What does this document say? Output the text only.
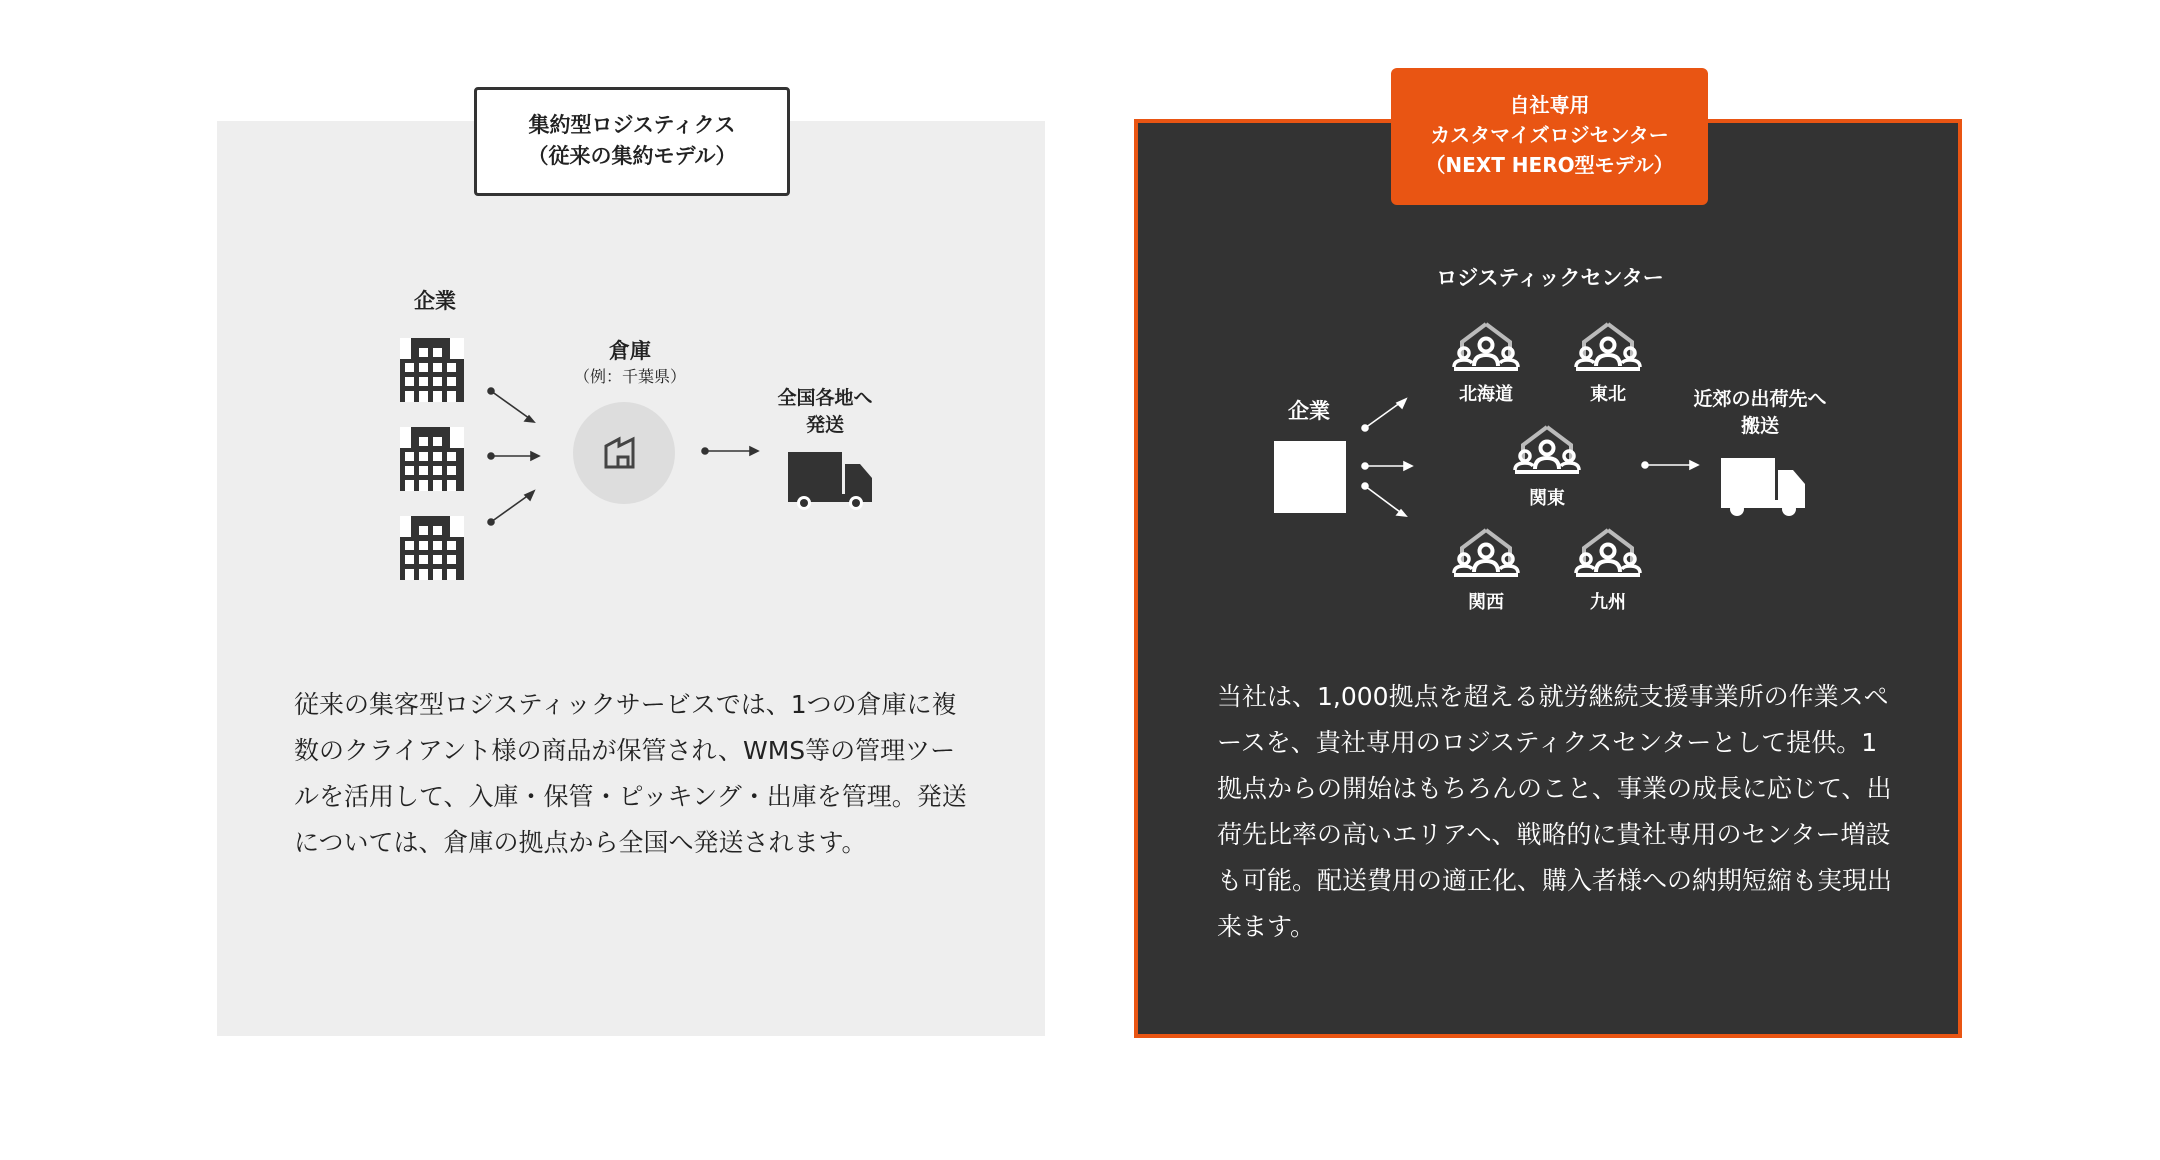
集約型ロジスティクス
（従来の集約モデル）
企業
倉庫
（例：千葉県）
全国各地へ
発送
従来の集客型ロジスティックサービスでは、1つの倉庫に複数のクライアント様の商品が保管され、WMS等の管理ツールを活用して、入庫・保管・ピッキング・出庫を管理。発送については、倉庫の拠点から全国へ発送されます。
自社専用
カスタマイズロジセンター
（NEXT HERO型モデル）
ロジスティックセンター
企業
北海道	東北
関東
関西	九州
近郊の出荷先へ
搬送
当社は、1,000拠点を超える就労継続支援事業所の作業スペースを、貴社専用のロジスティクスセンターとして提供。1拠点からの開始はもちろんのこと、事業の成長に応じて、出荷先比率の高いエリアへ、戦略的に貴社専用のセンター増設も可能。配送費用の適正化、購入者様への納期短縮も実現出来ます。
